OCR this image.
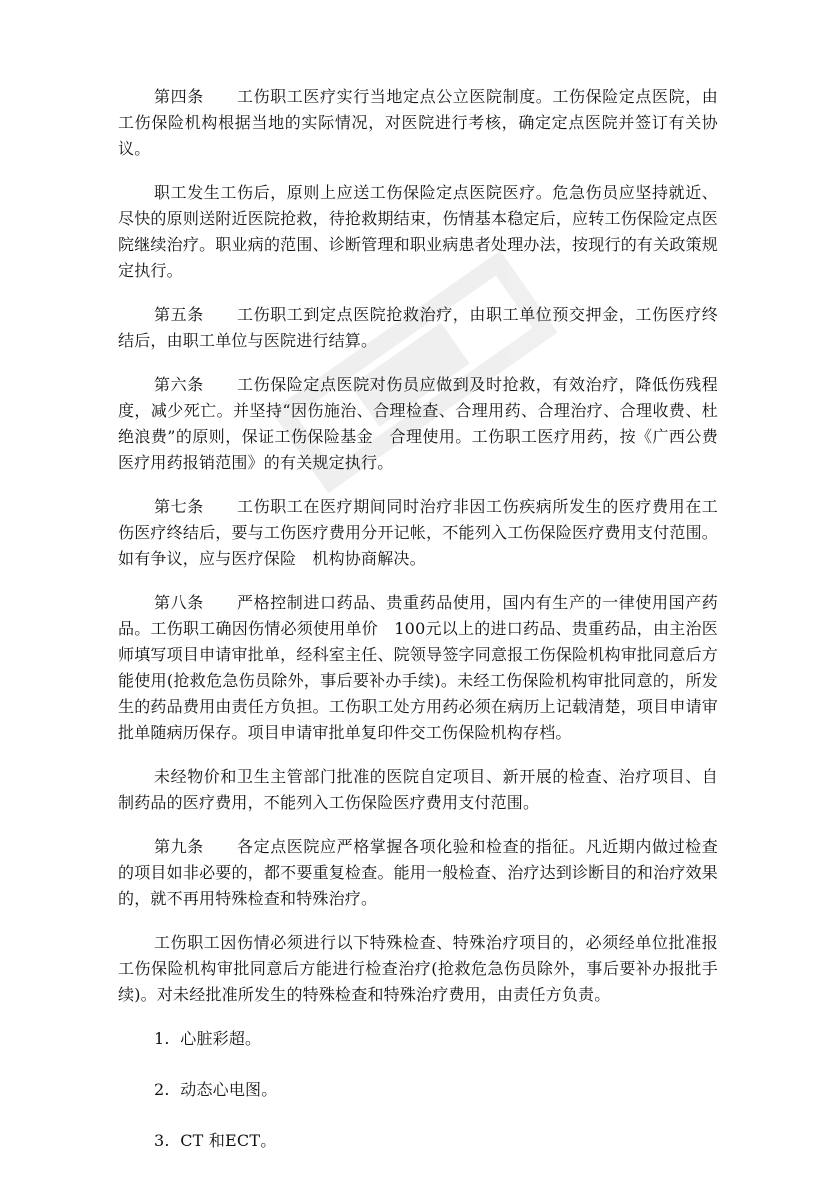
第四条　　工伤职工医疗实行当地定点公立医院制度。工伤保险定点医院，由工伤保险机构根据当地的实际情况，对医院进行考核，确定定点医院并签订有关协议。

职工发生工伤后，原则上应送工伤保险定点医院医疗。危急伤员应坚持就近、尽快的原则送附近医院抢救，待抢救期结束，伤情基本稳定后，应转工伤保险定点医院继续治疗。职业病的范围、诊断管理和职业病患者处理办法，按现行的有关政策规定执行。

第五条　　工伤职工到定点医院抢救治疗，由职工单位预交押金，工伤医疗终结后，由职工单位与医院进行结算。

第六条　　工伤保险定点医院对伤员应做到及时抢救，有效治疗，降低伤残程度，减少死亡。并坚持“因伤施治、合理检查、合理用药、合理治疗、合理收费、杜绝浪费”的原则，保证工伤保险基金　合理使用。工伤职工医疗用药，按《广西公费医疗用药报销范围》的有关规定执行。

第七条　　工伤职工在医疗期间同时治疗非因工伤疾病所发生的医疗费用在工伤医疗终结后，要与工伤医疗费用分开记帐，不能列入工伤保险医疗费用支付范围。如有争议，应与医疗保险　机构协商解决。

第八条　　严格控制进口药品、贵重药品使用，国内有生产的一律使用国产药品。工伤职工确因伤情必须使用单价　100元以上的进口药品、贵重药品，由主治医师填写项目申请审批单，经科室主任、院领导签字同意报工伤保险机构审批同意后方能使用(抢救危急伤员除外，事后要补办手续)。未经工伤保险机构审批同意的，所发生的药品费用由责任方负担。工伤职工处方用药必须在病历上记载清楚，项目申请审批单随病历保存。项目申请审批单复印件交工伤保险机构存档。

未经物价和卫生主管部门批准的医院自定项目、新开展的检查、治疗项目、自制药品的医疗费用，不能列入工伤保险医疗费用支付范围。

第九条　　各定点医院应严格掌握各项化验和检查的指征。凡近期内做过检查的项目如非必要的，都不要重复检查。能用一般检查、治疗达到诊断目的和治疗效果的，就不再用特殊检查和特殊治疗。

工伤职工因伤情必须进行以下特殊检查、特殊治疗项目的，必须经单位批准报工伤保险机构审批同意后方能进行检查治疗(抢救危急伤员除外，事后要补办报批手续)。对未经批准所发生的特殊检查和特殊治疗费用，由责任方负责。

1.  心脏彩超。
2.  动态心电图。
3.  CT 和ECT。
